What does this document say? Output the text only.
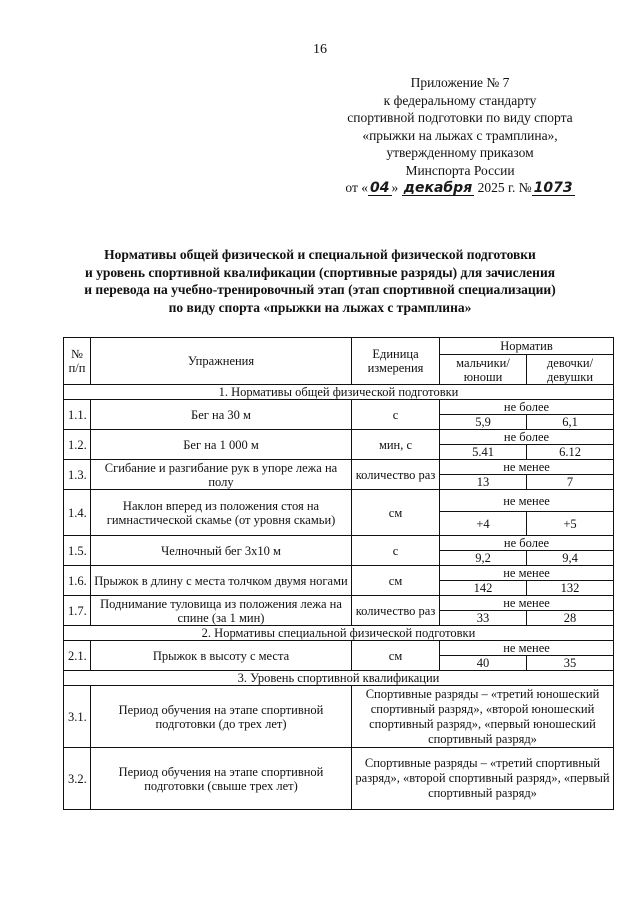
16
Приложение № 7
к федеральному стандарту
спортивной подготовки по виду спорта
«прыжки на лыжах с трамплина»,
утвержденному приказом
Минспорта России
от « 04 » декабря 2025 г. № 1073
Нормативы общей физической и специальной физической подготовки
и уровень спортивной квалификации (спортивные разряды) для зачисления
и перевода на учебно-тренировочный этап (этап спортивной специализации)
по виду спорта «прыжки на лыжах с трамплина»
№ п/п	Упражнения	Единица измерения	Норматив	
			мальчики/ юноши	девочки/ девушки
1. Нормативы общей физической подготовки				
1.1.	Бег на 30 м	с	не более	
			5,9	6,1
1.2.	Бег на 1 000 м	мин, с	не более	
			5.41	6.12
1.3.	Сгибание и разгибание рук в упоре лежа на полу	количество раз	не менее	
			13	7
1.4.	Наклон вперед из положения стоя на гимнастической скамье (от уровня скамьи)	см	не менее	
			+4	+5
1.5.	Челночный бег 3х10 м	с	не более	
			9,2	9,4
1.6.	Прыжок в длину с места толчком двумя ногами	см	не менее	
			142	132
1.7.	Поднимание туловища из положения лежа на спине (за 1 мин)	количество раз	не менее	
			33	28
2. Нормативы специальной физической подготовки				
2.1.	Прыжок в высоту с места	см	не менее	
			40	35
3. Уровень спортивной квалификации				
3.1.	Период обучения на этапе спортивной подготовки (до трех лет)	Спортивные разряды – «третий юношеский спортивный разряд», «второй юношеский спортивный разряд», «первый юношеский спортивный разряд»		
3.2.	Период обучения на этапе спортивной подготовки (свыше трех лет)	Спортивные разряды – «третий спортивный разряд», «второй спортивный разряд», «первый спортивный разряд»		
